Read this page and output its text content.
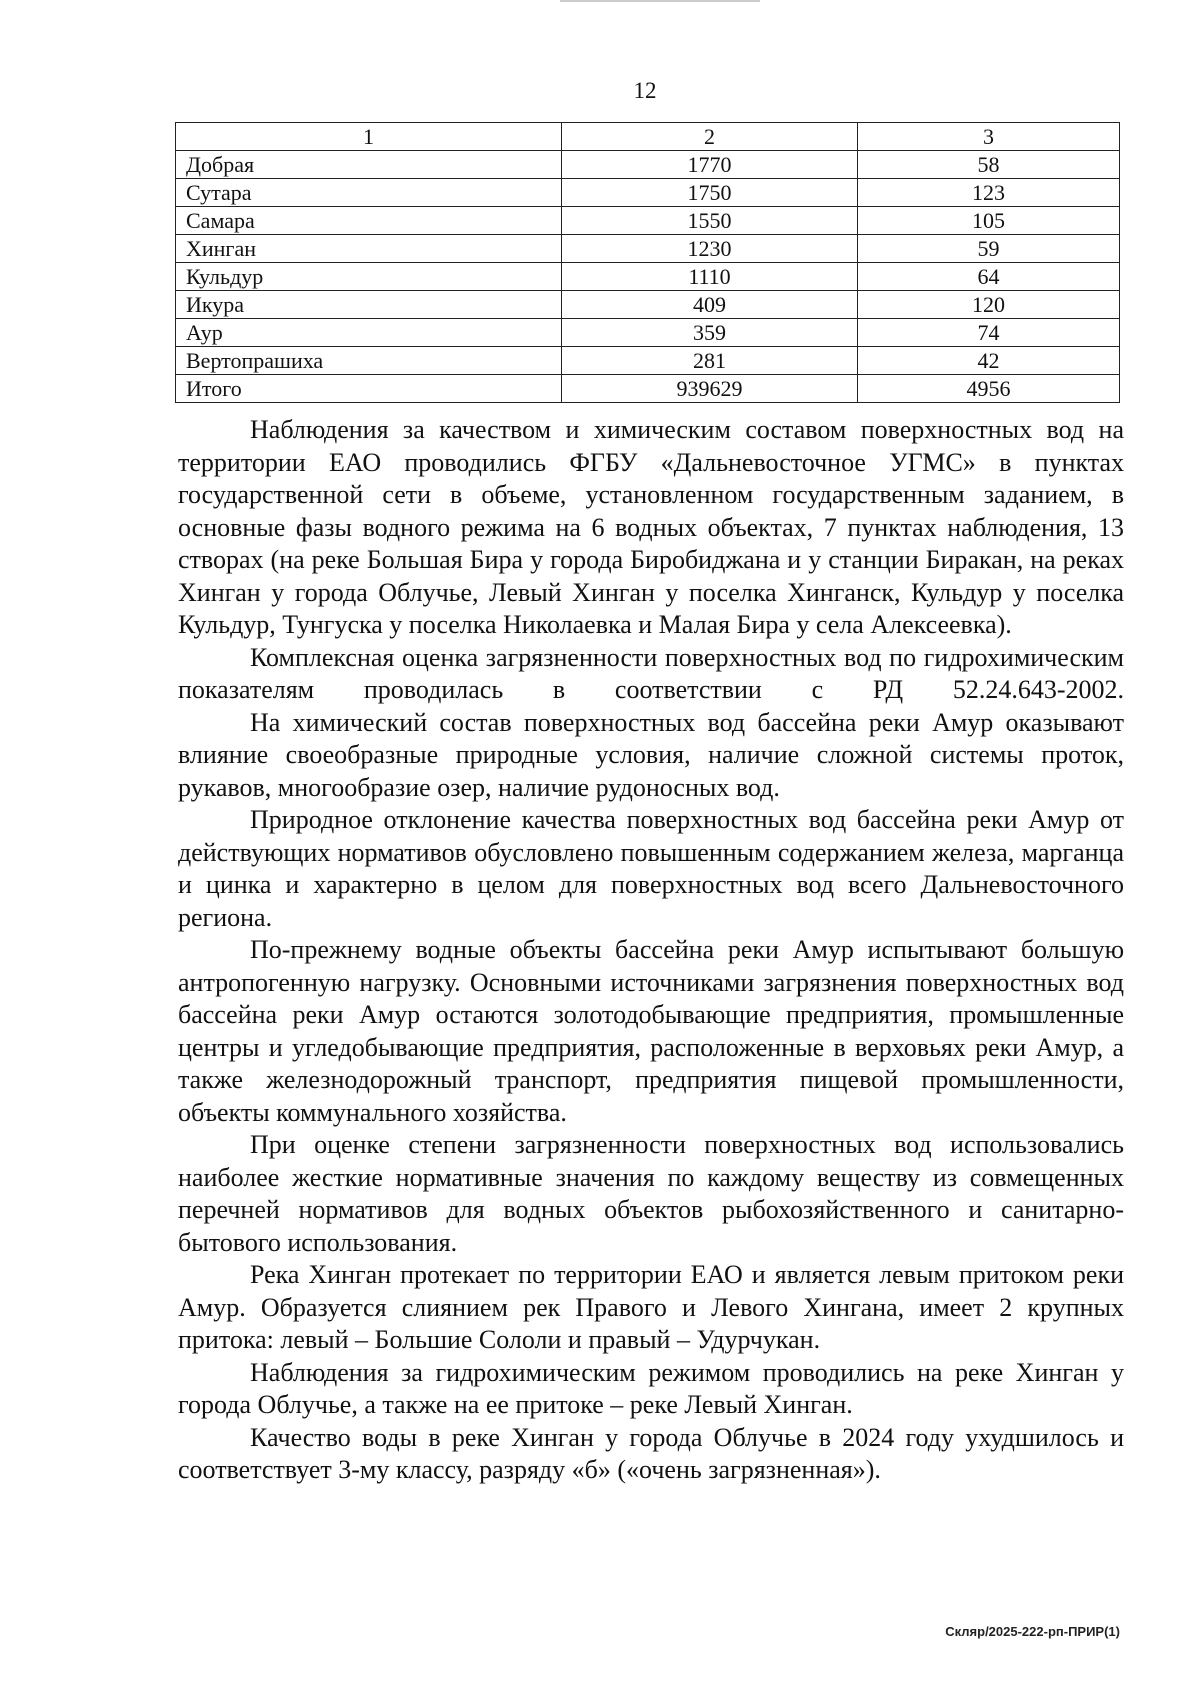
12
1	2	3
Добрая	1770	58
Сутара	1750	123
Самара	1550	105
Хинган	1230	59
Кульдур	1110	64
Икура	409	120
Аур	359	74
Вертопрашиха	281	42
Итого	939629	4956

Наблюдения за качеством и химическим составом поверхностных вод на территории ЕАО проводились ФГБУ «Дальневосточное УГМС» в пунктах государственной сети в объеме, установленном государственным заданием, в основные фазы водного режима на 6 водных объектах, 7 пунктах наблюдения, 13 створах (на реке Большая Бира у города Биробиджана и у станции Биракан, на реках Хинган у города Облучье, Левый Хинган у поселка Хинганск, Кульдур у поселка Кульдур, Тунгуска у поселка Николаевка и Малая Бира у села Алексеевка).

Комплексная оценка загрязненности поверхностных вод по гидрохимическим показателям проводилась в соответствии с РД 52.24.643-2002.

На химический состав поверхностных вод бассейна реки Амур оказывают влияние своеобразные природные условия, наличие сложной системы проток, рукавов, многообразие озер, наличие рудоносных вод.

Природное отклонение качества поверхностных вод бассейна реки Амур от действующих нормативов обусловлено повышенным содержанием железа, марганца и цинка и характерно в целом для поверхностных вод всего Дальневосточного региона.

По-прежнему водные объекты бассейна реки Амур испытывают большую антропогенную нагрузку. Основными источниками загрязнения поверхностных вод бассейна реки Амур остаются золотодобывающие предприятия, промышленные центры и угледобывающие предприятия, расположенные в верховьях реки Амур, а также железнодорожный транспорт, предприятия пищевой промышленности, объекты коммунального хозяйства.

При оценке степени загрязненности поверхностных вод использовались наиболее жесткие нормативные значения по каждому веществу из совмещенных перечней нормативов для водных объектов рыбохозяйственного и санитарно-бытового использования.

Река Хинган протекает по территории ЕАО и является левым притоком реки Амур. Образуется слиянием рек Правого и Левого Хингана, имеет 2 крупных притока: левый – Большие Сололи и правый – Удурчукан.

Наблюдения за гидрохимическим режимом проводились на реке Хинган у города Облучье, а также на ее притоке – реке Левый Хинган.

Качество воды в реке Хинган у города Облучье в 2024 году ухудшилось и соответствует 3-му классу, разряду «б» («очень загрязненная»).

Скляр/2025-222-рп-ПРИР(1)
